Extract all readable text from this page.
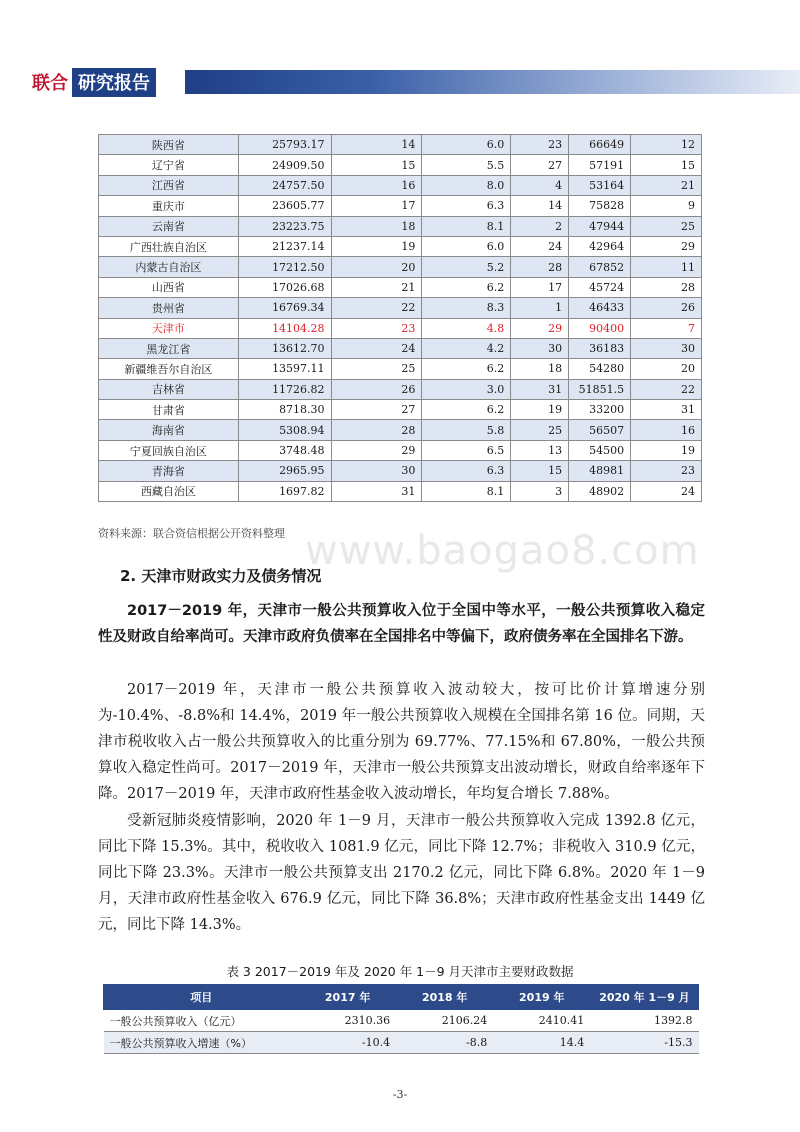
联合 研究报告
陕西省	25793.17	14	6.0	23	66649	12
辽宁省	24909.50	15	5.5	27	57191	15
江西省	24757.50	16	8.0	4	53164	21
重庆市	23605.77	17	6.3	14	75828	9
云南省	23223.75	18	8.1	2	47944	25
广西壮族自治区	21237.14	19	6.0	24	42964	29
内蒙古自治区	17212.50	20	5.2	28	67852	11
山西省	17026.68	21	6.2	17	45724	28
贵州省	16769.34	22	8.3	1	46433	26
天津市	14104.28	23	4.8	29	90400	7
黑龙江省	13612.70	24	4.2	30	36183	30
新疆维吾尔自治区	13597.11	25	6.2	18	54280	20
吉林省	11726.82	26	3.0	31	51851.5	22
甘肃省	8718.30	27	6.2	19	33200	31
海南省	5308.94	28	5.8	25	56507	16
宁夏回族自治区	3748.48	29	6.5	13	54500	19
青海省	2965.95	30	6.3	15	48981	23
西藏自治区	1697.82	31	8.1	3	48902	24
资料来源：联合资信根据公开资料整理 www.baogao8.com
2. 天津市财政实力及债务情况

2017－2019 年，天津市一般公共预算收入位于全国中等水平，一般公共预算收入稳定性及财政自给率尚可。天津市政府负债率在全国排名中等偏下，政府债务率在全国排名下游。

2017－2019 年，天津市一般公共预算收入波动较大，按可比价计算增速分别为-10.4%、-8.8%和 14.4%，2019 年一般公共预算收入规模在全国排名第 16 位。同期，天津市税收收入占一般公共预算收入的比重分别为 69.77%、77.15%和 67.80%，一般公共预算收入稳定性尚可。2017－2019 年，天津市一般公共预算支出波动增长，财政自给率逐年下降。2017－2019 年，天津市政府性基金收入波动增长，年均复合增长 7.88%。

受新冠肺炎疫情影响，2020 年 1－9 月，天津市一般公共预算收入完成 1392.8 亿元，同比下降 15.3%。其中，税收收入 1081.9 亿元，同比下降 12.7%；非税收入 310.9 亿元，同比下降 23.3%。天津市一般公共预算支出 2170.2 亿元，同比下降 6.8%。2020 年 1－9 月，天津市政府性基金收入 676.9 亿元，同比下降 36.8%；天津市政府性基金支出 1449 亿元，同比下降 14.3%。

表 3 2017－2019 年及 2020 年 1－9 月天津市主要财政数据
项目	2017 年	2018 年	2019 年	2020 年 1－9 月
一般公共预算收入（亿元）	2310.36	2106.24	2410.41	1392.8
一般公共预算收入增速（%）	-10.4	-8.8	14.4	-15.3
-3-
